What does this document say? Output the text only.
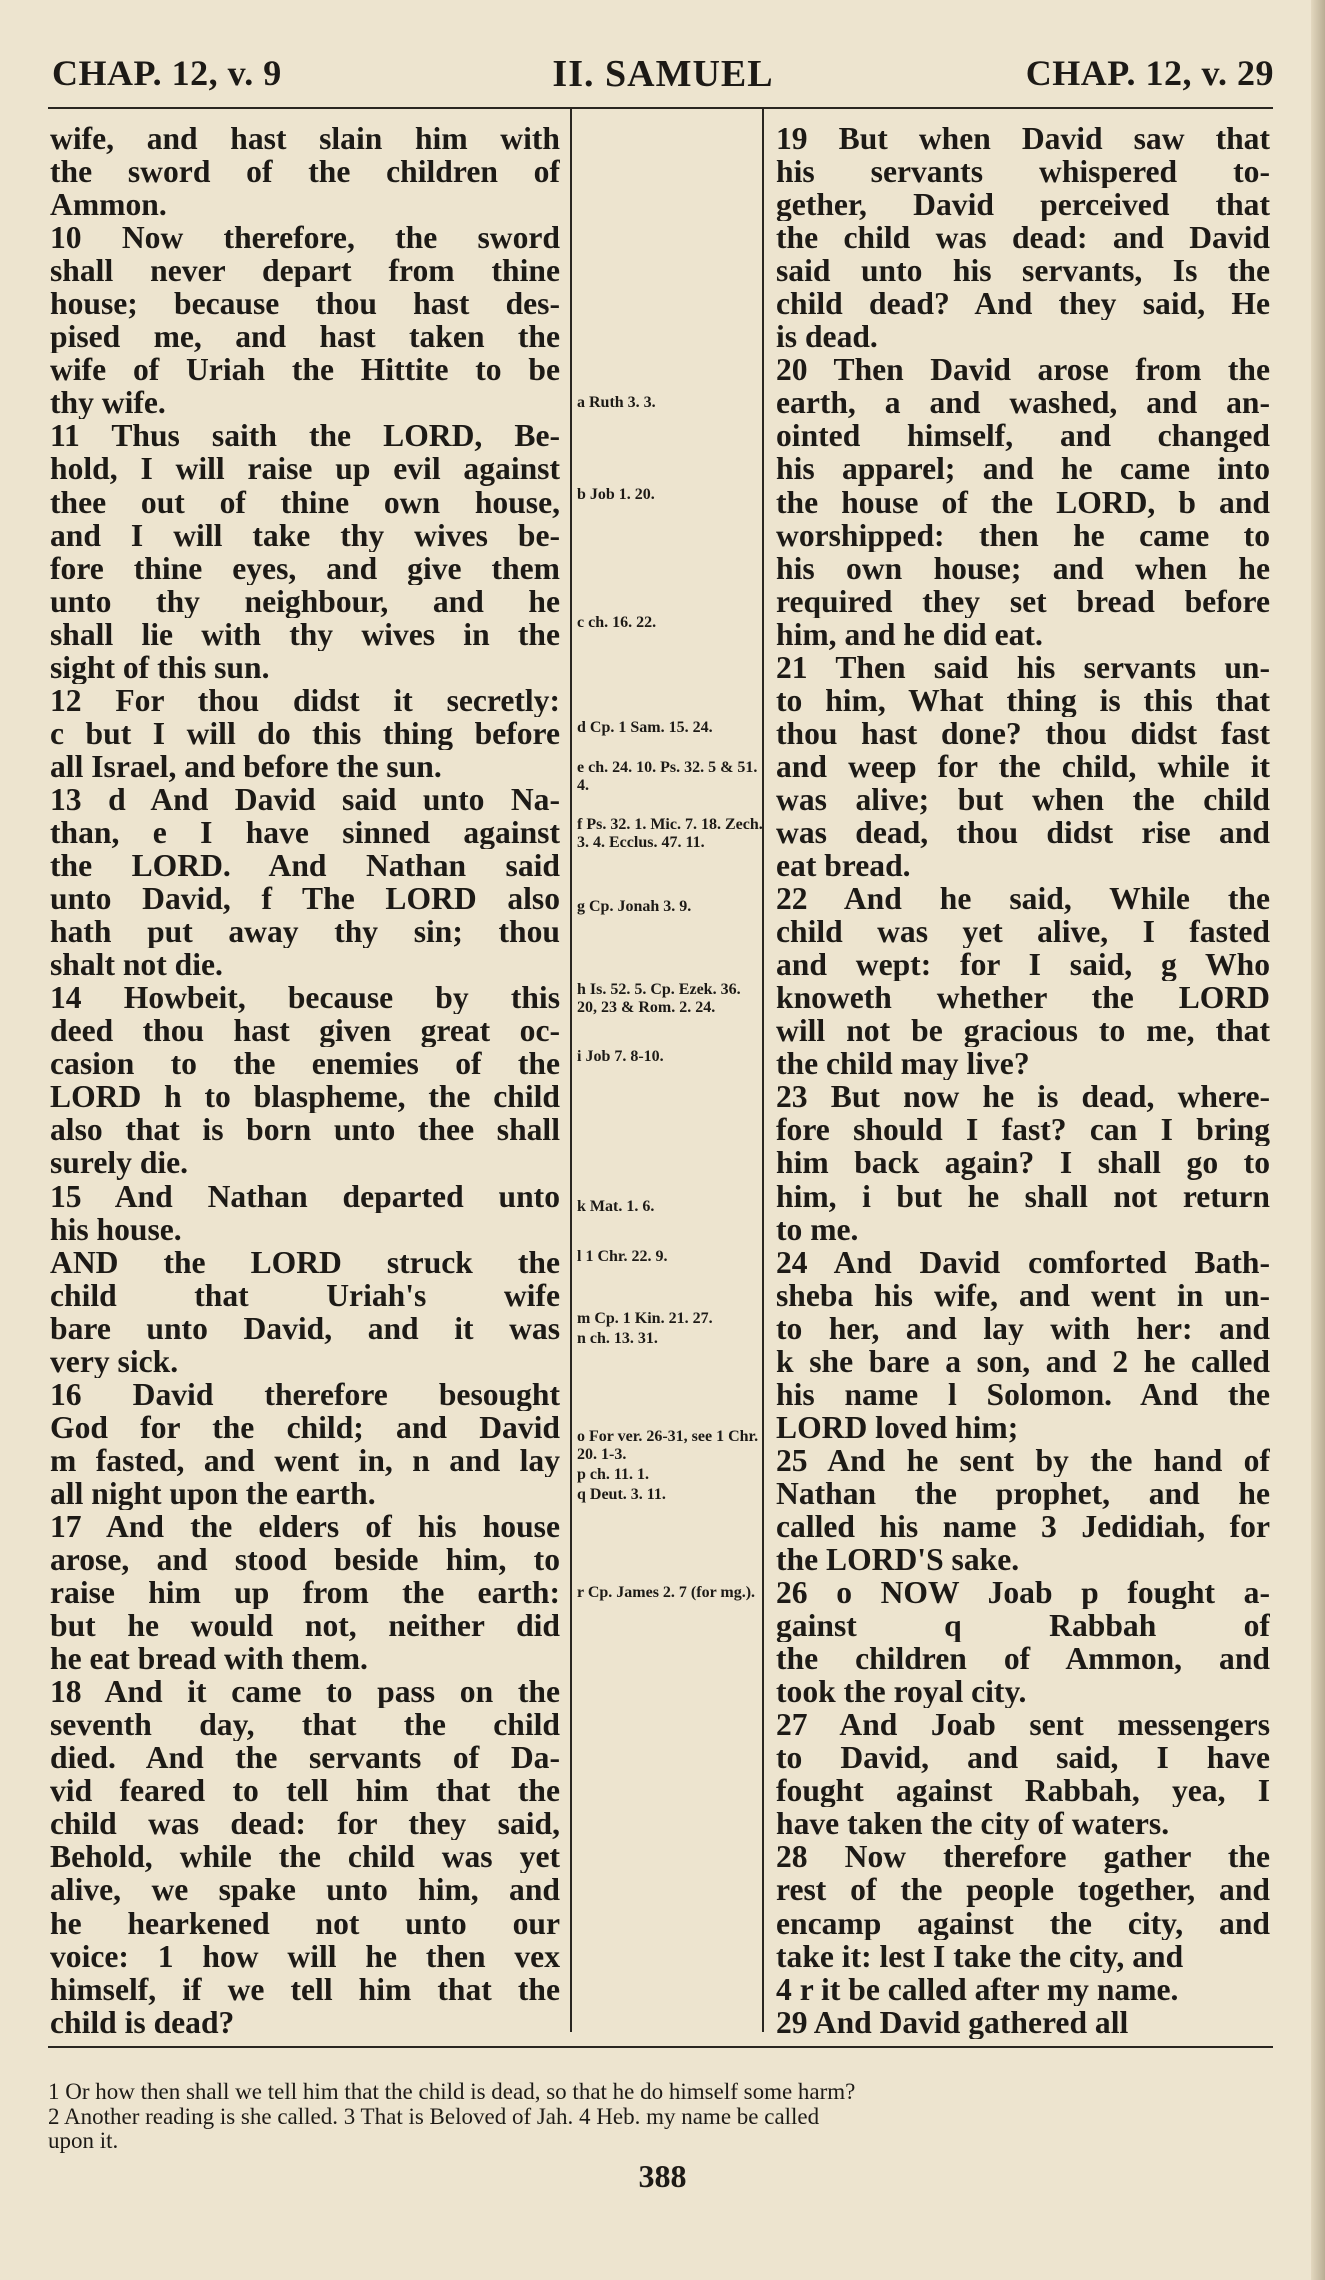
II. SAMUEL
CHAP. 12, v. 9	CHAP. 12, v. 29
wife, and hast slain him with
the sword of the children of
Ammon.
10 Now therefore, the sword
shall never depart from thine
house; because thou hast des-
pised me, and hast taken the
wife of Uriah the Hittite to be
thy wife.
11 Thus saith the LORD, Be-
hold, I will raise up evil against
thee out of thine own house,
and I will take thy wives be-
fore thine eyes, and give them
unto thy neighbour, and he
shall lie with thy wives in the
sight of this sun.
12 For thou didst it secretly:
c but I will do this thing before
all Israel, and before the sun.
13 d And David said unto Na-
than, e I have sinned against
the LORD. And Nathan said
unto David, f The LORD also
hath put away thy sin; thou
shalt not die.
14 Howbeit, because by this
deed thou hast given great oc-
casion to the enemies of the
LORD h to blaspheme, the child
also that is born unto thee shall
surely die.
15 And Nathan departed unto
his house.
AND the LORD struck the
child that Uriah's wife
bare unto David, and it was
very sick.
16 David therefore besought
God for the child; and David
m fasted, and went in, n and lay
all night upon the earth.
17 And the elders of his house
arose, and stood beside him, to
raise him up from the earth:
but he would not, neither did
he eat bread with them.
18 And it came to pass on the
seventh day, that the child
died. And the servants of Da-
vid feared to tell him that the
child was dead: for they said,
Behold, while the child was yet
alive, we spake unto him, and
he hearkened not unto our
voice: 1 how will he then vex
himself, if we tell him that the
child is dead?
a Ruth 3. 3.
b Job 1. 20.
c ch. 16. 22.
d Cp. 1 Sam. 15. 24.
e ch. 24. 10. Ps. 32. 5 & 51. 4.
f Ps. 32. 1. Mic. 7. 18. Zech. 3. 4. Ecclus. 47. 11.
g Cp. Jonah 3. 9.
h Is. 52. 5. Cp. Ezek. 36. 20, 23 & Rom. 2. 24.
i Job 7. 8-10.
k Mat. 1. 6.
l 1 Chr. 22. 9.
m Cp. 1 Kin. 21. 27.
n ch. 13. 31.
o For ver. 26-31, see 1 Chr. 20. 1-3.
p ch. 11. 1.
q Deut. 3. 11.
r Cp. James 2. 7 (for mg.).
19 But when David saw that
his servants whispered to-
gether, David perceived that
the child was dead: and David
said unto his servants, Is the
child dead? And they said, He
is dead.
20 Then David arose from the
earth, a and washed, and an-
ointed himself, and changed
his apparel; and he came into
the house of the LORD, b and
worshipped: then he came to
his own house; and when he
required they set bread before
him, and he did eat.
21 Then said his servants un-
to him, What thing is this that
thou hast done? thou didst fast
and weep for the child, while it
was alive; but when the child
was dead, thou didst rise and
eat bread.
22 And he said, While the
child was yet alive, I fasted
and wept: for I said, g Who
knoweth whether the LORD
will not be gracious to me, that
the child may live?
23 But now he is dead, where-
fore should I fast? can I bring
him back again? I shall go to
him, i but he shall not return
to me.
24 And David comforted Bath-
sheba his wife, and went in un-
to her, and lay with her: and
k she bare a son, and 2 he called
his name l Solomon. And the
LORD loved him;
25 And he sent by the hand of
Nathan the prophet, and he
called his name 3 Jedidiah, for
the LORD'S sake.
26 o NOW Joab p fought a-
gainst q Rabbah of
the children of Ammon, and
took the royal city.
27 And Joab sent messengers
to David, and said, I have
fought against Rabbah, yea, I
have taken the city of waters.
28 Now therefore gather the
rest of the people together, and
encamp against the city, and
take it: lest I take the city, and
4 r it be called after my name.
29 And David gathered all
1 Or how then shall we tell him that the child is dead, so that he do himself some harm?
2 Another reading is she called. 3 That is Beloved of Jah. 4 Heb. my name be called
upon it.
388
